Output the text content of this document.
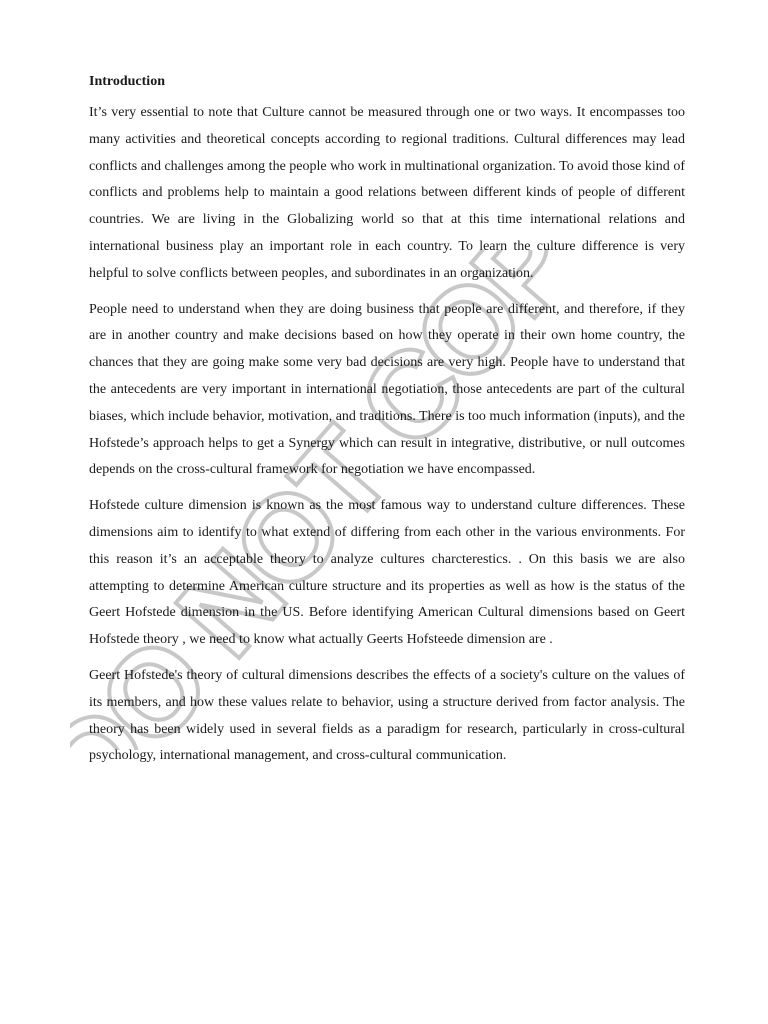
DO NOT COPY
Introduction

It’s very essential to note that Culture cannot be measured through one or two ways. It encompasses too many activities and theoretical concepts according to regional traditions. Cultural differences may lead conflicts and challenges among the people who work in multinational organization. To avoid those kind of conflicts and problems help to maintain a good relations between different kinds of people of different countries. We are living in the Globalizing world so that at this time international relations and international business play an important role in each country. To learn the culture difference is very helpful to solve conflicts between peoples, and subordinates in an organization.

People need to understand when they are doing business that people are different, and therefore, if they are in another country and make decisions based on how they operate in their own home country, the chances that they are going make some very bad decisions are very high. People have to understand that the antecedents are very important in international negotiation, those antecedents are part of the cultural biases, which include behavior, motivation, and traditions. There is too much information (inputs), and the Hofstede’s approach helps to get a Synergy which can result in integrative, distributive, or null outcomes depends on the cross-cultural framework for negotiation we have encompassed.

Hofstede culture dimension is known as the most famous way to understand culture differences. These dimensions aim to identify to what extend of differing from each other in the various environments. For this reason it’s an acceptable theory to analyze cultures charcterestics. . On this basis we are also attempting to determine American culture structure and its properties as well as how is the status of the Geert Hofstede dimension in the US. Before identifying American Cultural dimensions based on Geert Hofstede theory , we need to know what actually Geerts Hofsteede dimension are .

Geert Hofstede's theory of cultural dimensions describes the effects of a society's culture on the values of its members, and how these values relate to behavior, using a structure derived from factor analysis. The theory has been widely used in several fields as a paradigm for research, particularly in cross-cultural psychology, international management, and cross-cultural communication.
